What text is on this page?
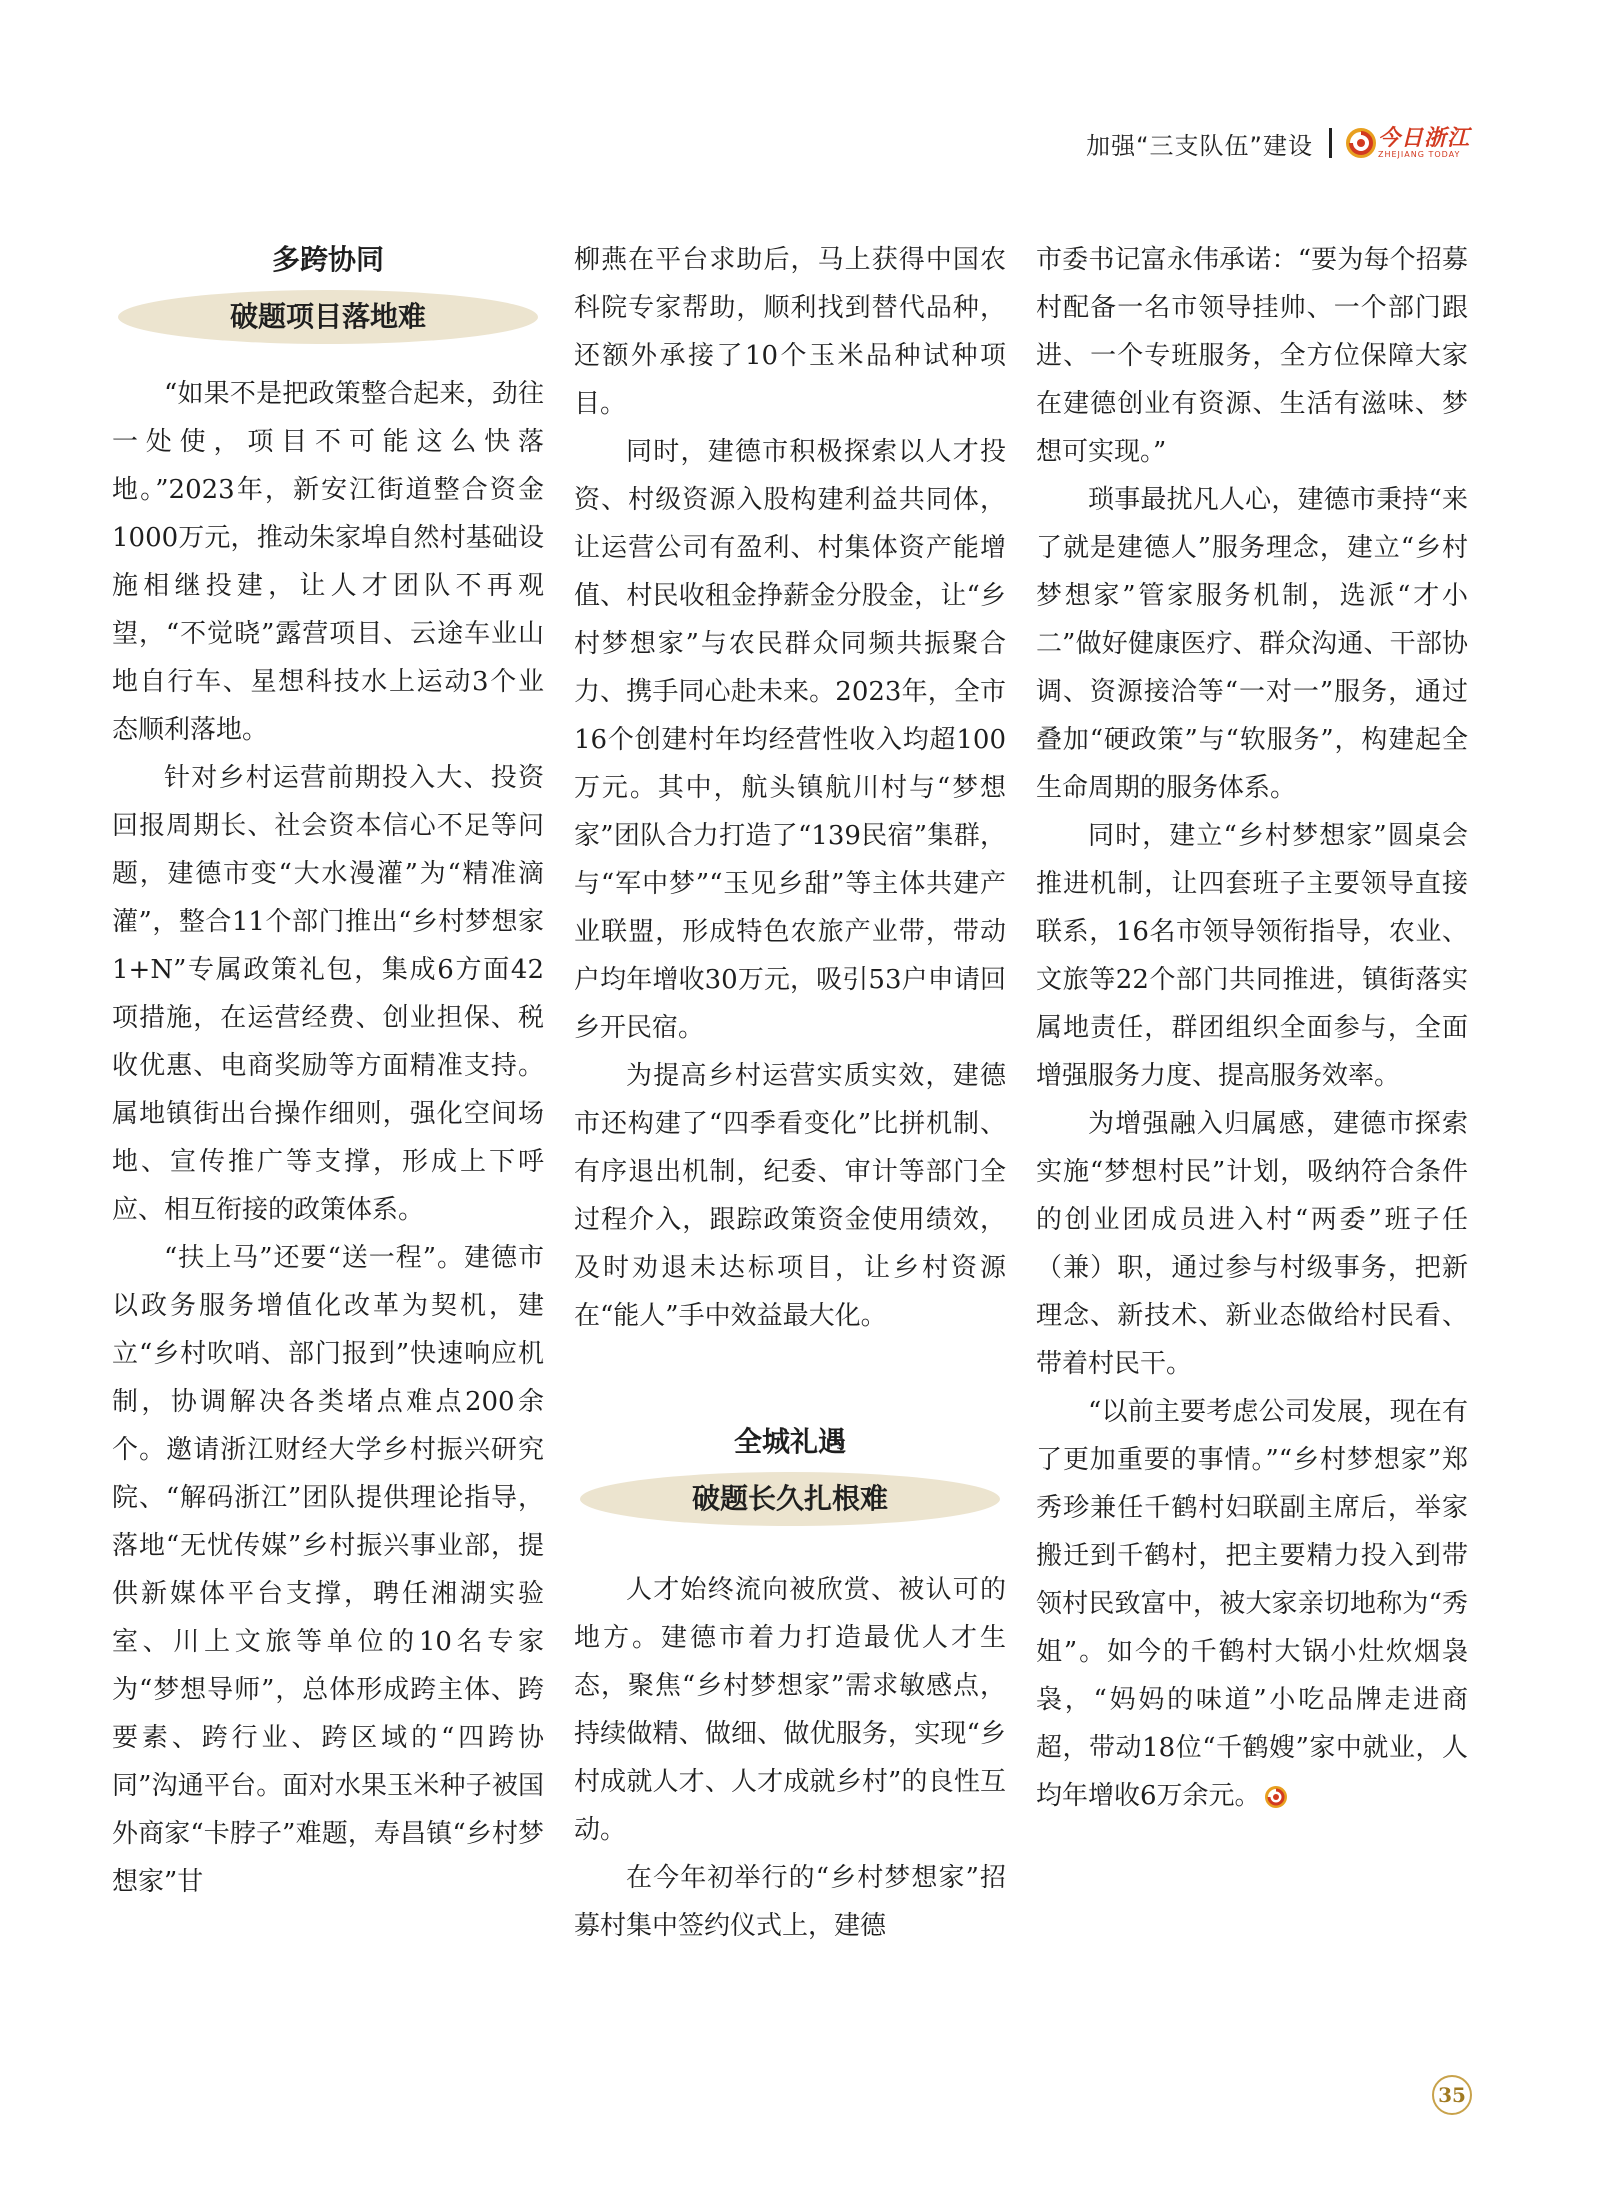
加强“三支队伍”建设	今日浙江
ZHEJIANG TODAY
多跨协同
破题项目落地难

“如果不是把政策整合起来，劲往一处使，项目不可能这么快落地。”2023年，新安江街道整合资金1000万元，推动朱家埠自然村基础设施相继投建，让人才团队不再观望，“不觉晓”露营项目、云途车业山地自行车、星想科技水上运动3个业态顺利落地。

针对乡村运营前期投入大、投资回报周期长、社会资本信心不足等问题，建德市变“大水漫灌”为“精准滴灌”，整合11个部门推出“乡村梦想家1+N”专属政策礼包，集成6方面42项措施，在运营经费、创业担保、税收优惠、电商奖励等方面精准支持。属地镇街出台操作细则，强化空间场地、宣传推广等支撑，形成上下呼应、相互衔接的政策体系。

“扶上马”还要“送一程”。建德市以政务服务增值化改革为契机，建立“乡村吹哨、部门报到”快速响应机制，协调解决各类堵点难点200余个。邀请浙江财经大学乡村振兴研究院、“解码浙江”团队提供理论指导，落地“无忧传媒”乡村振兴事业部，提供新媒体平台支撑，聘任湘湖实验室、川上文旅等单位的10名专家为“梦想导师”，总体形成跨主体、跨要素、跨行业、跨区域的“四跨协同”沟通平台。面对水果玉米种子被国外商家“卡脖子”难题，寿昌镇“乡村梦想家”甘

柳燕在平台求助后，马上获得中国农科院专家帮助，顺利找到替代品种，还额外承接了10个玉米品种试种项目。

同时，建德市积极探索以人才投资、村级资源入股构建利益共同体，让运营公司有盈利、村集体资产能增值、村民收租金挣薪金分股金，让“乡村梦想家”与农民群众同频共振聚合力、携手同心赴未来。2023年，全市16个创建村年均经营性收入均超100万元。其中，航头镇航川村与“梦想家”团队合力打造了“139民宿”集群，与“军中梦”“玉见乡甜”等主体共建产业联盟，形成特色农旅产业带，带动户均年增收30万元，吸引53户申请回乡开民宿。

为提高乡村运营实质实效，建德市还构建了“四季看变化”比拼机制、有序退出机制，纪委、审计等部门全过程介入，跟踪政策资金使用绩效，及时劝退未达标项目，让乡村资源在“能人”手中效益最大化。

全城礼遇
破题长久扎根难

人才始终流向被欣赏、被认可的地方。建德市着力打造最优人才生态，聚焦“乡村梦想家”需求敏感点，持续做精、做细、做优服务，实现“乡村成就人才、人才成就乡村”的良性互动。

在今年初举行的“乡村梦想家”招募村集中签约仪式上，建德

市委书记富永伟承诺：“要为每个招募村配备一名市领导挂帅、一个部门跟进、一个专班服务，全方位保障大家在建德创业有资源、生活有滋味、梦想可实现。”

琐事最扰凡人心，建德市秉持“来了就是建德人”服务理念，建立“乡村梦想家”管家服务机制，选派“才小二”做好健康医疗、群众沟通、干部协调、资源接洽等“一对一”服务，通过叠加“硬政策”与“软服务”，构建起全生命周期的服务体系。

同时，建立“乡村梦想家”圆桌会推进机制，让四套班子主要领导直接联系，16名市领导领衔指导，农业、文旅等22个部门共同推进，镇街落实属地责任，群团组织全面参与，全面增强服务力度、提高服务效率。

为增强融入归属感，建德市探索实施“梦想村民”计划，吸纳符合条件的创业团成员进入村“两委”班子任（兼）职，通过参与村级事务，把新理念、新技术、新业态做给村民看、带着村民干。

“以前主要考虑公司发展，现在有了更加重要的事情。”“乡村梦想家”郑秀珍兼任千鹤村妇联副主席后，举家搬迁到千鹤村，把主要精力投入到带领村民致富中，被大家亲切地称为“秀姐”。如今的千鹤村大锅小灶炊烟袅袅，“妈妈的味道”小吃品牌走进商超，带动18位“千鹤嫂”家中就业，人均年增收6万余元。

35
